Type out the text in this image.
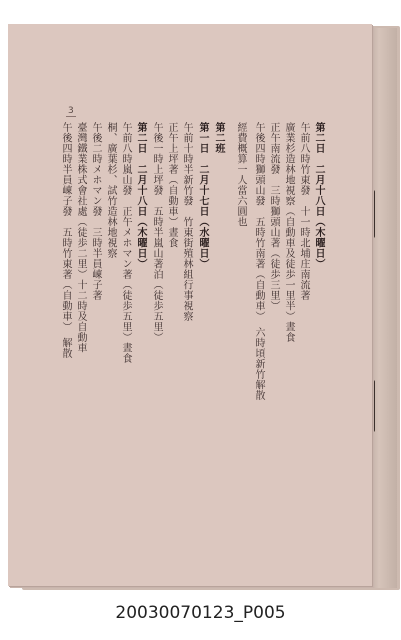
3
第二日　二月十八日（木曜日）
午前八時竹東發　十一時北埔庄南流著
廣業杉造林地視察（自動車及徒歩一里半）晝食
正午南流發　三時獅頭山著（徒歩三里）
午後四時獅頭山發　五時竹南著（自動車）　六時頃新竹解散
經費概算一人當六圓也
第二班
第一日　二月十七日（水曜日）
午前十時半新竹發　竹東街殖林組行事視察
正午上坪著（自動車）晝食
午後一時上坪發　五時半嵐山著泊（徒歩五里）
第二日　二月十八日（木曜日）
午前八時嵐山發　正午メホマン著（徒歩五里）晝食
桐、廣葉杉、試竹造林地視察
午後二時メホマン發　三時半員崠子著
臺灣鐵業株式會社處（徒歩二里）十二時及自動車
午後四時半員崠子發　五時竹東著（自動車）　解散
20030070123_P005
